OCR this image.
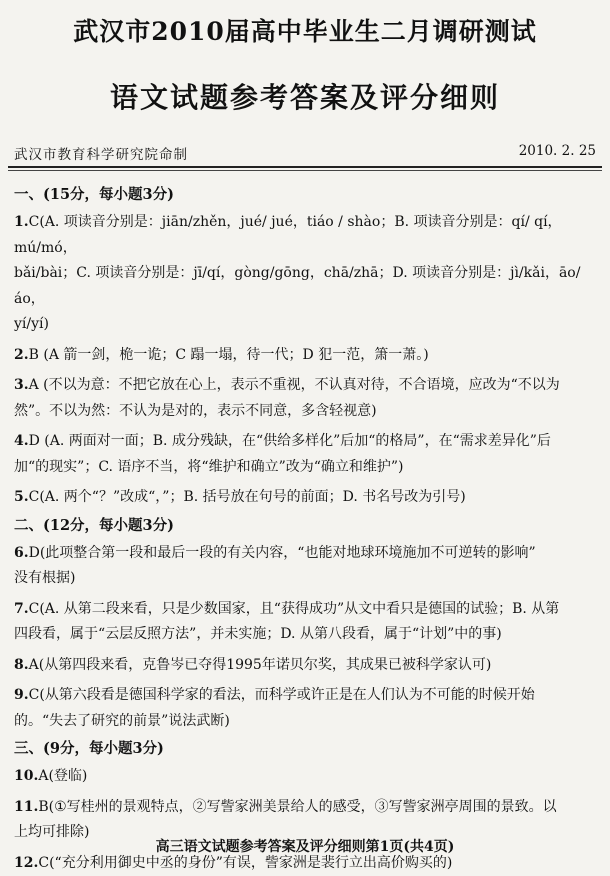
武汉市2010届高中毕业生二月调研测试
语文试题参考答案及评分细则
武汉市教育科学研究院命制	2010. 2. 25
一、(15分，每小题3分)
1.C(A. 项读音分别是：jiān/zhěn，jué/ jué，tiáo / shào；B. 项读音分别是：qí/ qí，mú/mó，
bǎi/bài；C. 项读音分别是：jī/qí，gòng/gōng，chā/zhā；D. 项读音分别是：jì/kǎi，āo/áo，
yí/yí)
2.B (A 箭一剑，桅一诡；C 蹋一塌，待一代；D 犯一范，箫一萧。)
3.A (不以为意：不把它放在心上，表示不重视，不认真对待，不合语境，应改为“不以为
然”。不以为然：不认为是对的，表示不同意，多含轻视意)
4.D (A. 两面对一面；B. 成分残缺，在“供给多样化”后加“的格局”，在“需求差异化”后
加“的现实”；C. 语序不当，将“维护和确立”改为“确立和维护”)
5.C(A. 两个“？”改成“，”；B. 括号放在句号的前面；D. 书名号改为引号)
二、(12分，每小题3分)
6.D(此项整合第一段和最后一段的有关内容，“也能对地球环境施加不可逆转的影响”
没有根据)
7.C(A. 从第二段来看，只是少数国家，且“获得成功”从文中看只是德国的试验；B. 从第
四段看，属于“云层反照方法”，并未实施；D. 从第八段看，属于“计划”中的事)
8.A(从第四段来看，克鲁岑已夺得1995年诺贝尔奖，其成果已被科学家认可)
9.C(从第六段看是德国科学家的看法，而科学或许正是在人们认为不可能的时候开始
的。“失去了研究的前景”说法武断)
三、(9分，每小题3分)
10.A(登临)
11.B(①写桂州的景观特点，②写訾家洲美景给人的感受，③写訾家洲亭周围的景致。以
上均可排除)
12.C(“充分利用御史中丞的身份”有误，訾家洲是裴行立出高价购买的)
高三语文试题参考答案及评分细则第1页(共4页)
